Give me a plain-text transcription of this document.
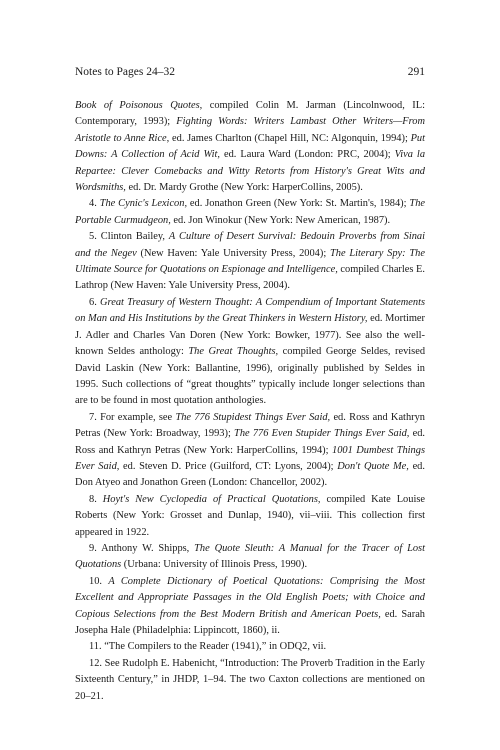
Notes to Pages 24–32	291

Book of Poisonous Quotes, compiled Colin M. Jarman (Lincolnwood, IL: Contemporary, 1993); Fighting Words: Writers Lambast Other Writers—From Aristotle to Anne Rice, ed. James Charlton (Chapel Hill, NC: Algonquin, 1994); Put Downs: A Collection of Acid Wit, ed. Laura Ward (London: PRC, 2004); Viva la Repartee: Clever Comebacks and Witty Retorts from History's Great Wits and Wordsmiths, ed. Dr. Mardy Grothe (New York: HarperCollins, 2005).

4. The Cynic's Lexicon, ed. Jonathon Green (New York: St. Martin's, 1984); The Portable Curmudgeon, ed. Jon Winokur (New York: New American, 1987).

5. Clinton Bailey, A Culture of Desert Survival: Bedouin Proverbs from Sinai and the Negev (New Haven: Yale University Press, 2004); The Literary Spy: The Ultimate Source for Quotations on Espionage and Intelligence, compiled Charles E. Lathrop (New Haven: Yale University Press, 2004).

6. Great Treasury of Western Thought: A Compendium of Important Statements on Man and His Institutions by the Great Thinkers in Western History, ed. Mortimer J. Adler and Charles Van Doren (New York: Bowker, 1977). See also the well-known Seldes anthology: The Great Thoughts, compiled George Seldes, revised David Laskin (New York: Ballantine, 1996), originally published by Seldes in 1995. Such collections of “great thoughts” typically include longer selections than are to be found in most quotation anthologies.

7. For example, see The 776 Stupidest Things Ever Said, ed. Ross and Kathryn Petras (New York: Broadway, 1993); The 776 Even Stupider Things Ever Said, ed. Ross and Kathryn Petras (New York: HarperCollins, 1994); 1001 Dumbest Things Ever Said, ed. Steven D. Price (Guilford, CT: Lyons, 2004); Don't Quote Me, ed. Don Atyeo and Jonathon Green (London: Chancellor, 2002).

8. Hoyt's New Cyclopedia of Practical Quotations, compiled Kate Louise Roberts (New York: Grosset and Dunlap, 1940), vii–viii. This collection first appeared in 1922.

9. Anthony W. Shipps, The Quote Sleuth: A Manual for the Tracer of Lost Quotations (Urbana: University of Illinois Press, 1990).

10. A Complete Dictionary of Poetical Quotations: Comprising the Most Excellent and Appropriate Passages in the Old English Poets; with Choice and Copious Selections from the Best Modern British and American Poets, ed. Sarah Josepha Hale (Philadelphia: Lippincott, 1860), ii.

11. “The Compilers to the Reader (1941),” in ODQ2, vii.

12. See Rudolph E. Habenicht, “Introduction: The Proverb Tradition in the Early Sixteenth Century,” in JHDP, 1–94. The two Caxton collections are mentioned on 20–21.
